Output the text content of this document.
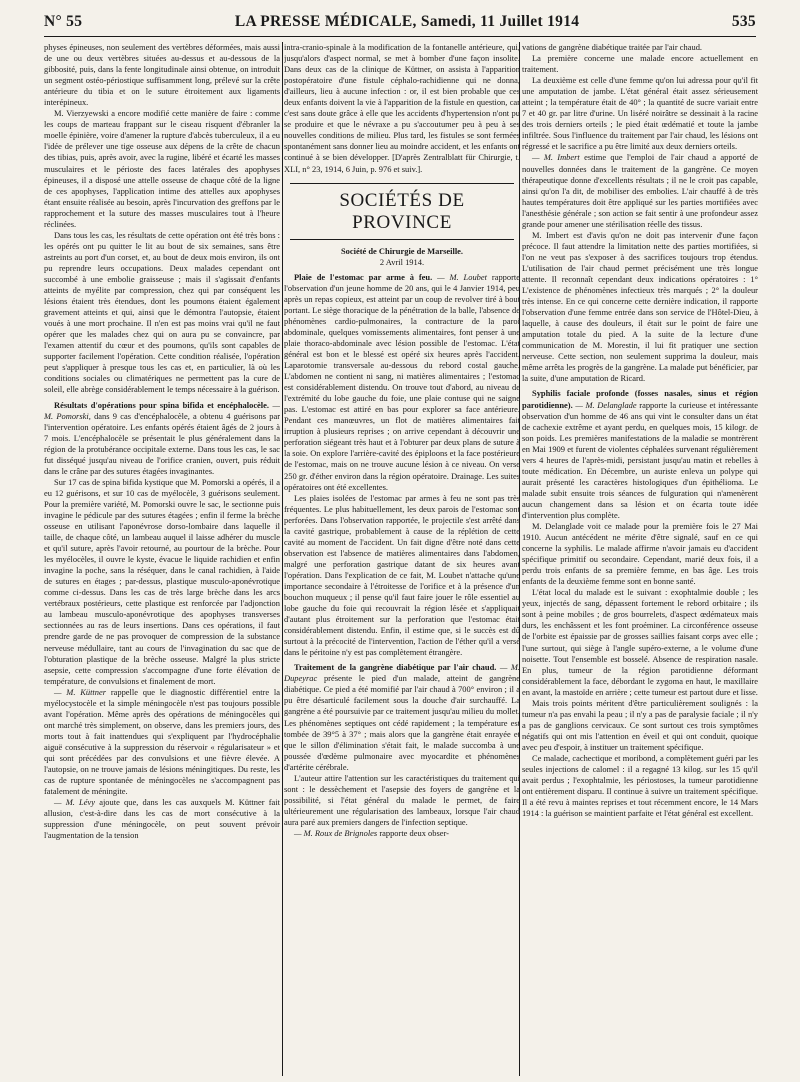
N° 55	LA PRESSE MÉDICALE, Samedi, 11 Juillet 1914	535

physes épineuses, non seulement des vertèbres déformées, mais aussi de une ou deux vertèbres situées au-dessus et au-dessous de la gibbosité, puis, dans la fente longitudinale ainsi obtenue, on introduit un segment ostéo-périostique suffisamment long, prélevé sur la crête antérieure du tibia et on le suture étroitement aux ligaments interépineux.

M. Vierzyewski a encore modifié cette manière de faire : comme les coups de marteau frappant sur le ciseau risquent d'ébranler la moelle épinière, voire d'amener la rupture d'abcès tuberculeux, il a eu l'idée de prélever une tige osseuse aux dépens de la crête de chacun des tibias, puis, après avoir, avec la rugine, libéré et écarté les masses musculaires et le périoste des faces latérales des apophyses épineuses, il a disposé une attelle osseuse de chaque côté de la ligne de ces apophyses, l'application intime des attelles aux apophyses étant ensuite réalisée au besoin, après l'incurvation des greffons par le rapprochement et la suture des masses musculaires tout à l'heure réclinées.

Dans tous les cas, les résultats de cette opération ont été très bons : les opérés ont pu quitter le lit au bout de six semaines, sans être astreints au port d'un corset, et, au bout de deux mois environ, ils ont pu reprendre leurs occupations. Deux malades cependant ont succombé à une embolie graisseuse ; mais il s'agissait d'enfants atteints de myélite par compression, chez qui par conséquent les lésions étaient très étendues, dont les poumons étaient également gravement atteints et qui, ainsi que le démontra l'autopsie, étaient voués à une mort prochaine. Il n'en est pas moins vrai qu'il ne faut opérer que les malades chez qui on aura pu se convaincre, par l'examen attentif du cœur et des poumons, qu'ils sont capables de supporter facilement l'opération. Cette condition réalisée, l'opération peut s'appliquer à presque tous les cas et, en particulier, là où les conditions sociales ou climatériques ne permettent pas la cure de soleil, elle abrège considérablement le temps nécessaire à la guérison.

Résultats d'opérations pour spina bifida et encéphalocèle. — M. Pomorski, dans 9 cas d'encéphalocèle, a obtenu 4 guérisons par l'intervention opératoire. Les enfants opérés étaient âgés de 2 jours à 7 mois. L'encéphalocèle se présentait le plus généralement dans la région de la protubérance occipitale externe. Dans tous les cas, le sac fut disséqué jusqu'au niveau de l'orifice cranien, ouvert, puis réduit dans le crâne par des sutures étagées invaginantes.

Sur 17 cas de spina bifida kystique que M. Pomorski a opérés, il a eu 12 guérisons, et sur 10 cas de myélocèle, 3 guérisons seulement. Pour la première variété, M. Pomorski ouvre le sac, le sectionne puis invagine le pédicule par des sutures étagées ; enfin il ferme la brèche osseuse en utilisant l'aponévrose dorso-lombaire dans laquelle il taille, de chaque côté, un lambeau auquel il laisse adhérer du muscle et qu'il suture, après l'avoir retourné, au pourtour de la brèche. Pour les myélocèles, il ouvre le kyste, évacue le liquide rachidien et enfin invagine la poche, sans la réséquer, dans le canal rachidien, à l'aide de sutures en étages ; par-dessus, plastique musculo-aponévrotique comme ci-dessus. Dans les cas de très large brèche dans les arcs vertébraux postérieurs, cette plastique est renforcée par l'adjonction au lambeau musculo-aponévrotique des apophyses transverses sectionnées au ras de leurs insertions. Dans ces opérations, il faut prendre garde de ne pas provoquer de compression de la substance nerveuse médullaire, tant au cours de l'invagination du sac que de l'obturation plastique de la brèche osseuse. Malgré la plus stricte asepsie, cette compression s'accompagne d'une forte élévation de température, de convulsions et finalement de mort.

— M. Küttner rappelle que le diagnostic différentiel entre la myélocystocèle et la simple méningocèle n'est pas toujours possible avant l'opération. Même après des opérations de méningocèles qui ont marché très simplement, on observe, dans les premiers jours, des morts tout à fait inattendues qui s'expliquent par l'hydrocéphalie aiguë consécutive à la suppression du réservoir « régularisateur » et qui sont précédées par des convulsions et une fièvre élevée. A l'autopsie, on ne trouve jamais de lésions méningitiques. Du reste, les cas de rupture spontanée de méningocèles ne s'accompagnent pas fatalement de méningite.

— M. Lévy ajoute que, dans les cas auxquels M. Küttner fait allusion, c'est-à-dire dans les cas de mort consécutive à la suppression d'une méningocèle, on peut souvent prévoir l'augmentation de la tension

intra-cranio-spinale à la modification de la fontanelle antérieure, qui, jusqu'alors d'aspect normal, se met à bomber d'une façon insolite. Dans deux cas de la clinique de Küttner, on assista à l'apparition postopératoire d'une fistule céphalo-rachidienne qui ne donna, d'ailleurs, lieu à aucune infection : or, il est bien probable que ces deux enfants doivent la vie à l'apparition de la fistule en question, car c'est sans doute grâce à elle que les accidents d'hypertension n'ont pu se produire et que le névraxe a pu s'accoutumer peu à peu à ses nouvelles conditions de milieu. Plus tard, les fistules se sont fermées spontanément sans donner lieu au moindre accident, et les enfants ont continué à se bien développer. [D'après Zentralblatt für Chirurgie, t. XLI, n° 23, 1914, 6 Juin, p. 976 et suiv.].

SOCIÉTÉS DE PROVINCE

Société de Chirurgie de Marseille.

2 Avril 1914.

Plaie de l'estomac par arme à feu. — M. Loubet rapporte l'observation d'un jeune homme de 20 ans, qui le 4 Janvier 1914, peu après un repas copieux, est atteint par un coup de revolver tiré à bout portant. Le siège thoracique de la pénétration de la balle, l'absence de phénomènes cardio-pulmonaires, la contracture de la paroi abdominale, quelques vomissements alimentaires, font penser à une plaie thoraco-abdominale avec lésion possible de l'estomac. L'état général est bon et le blessé est opéré six heures après l'accident. Laparotomie transversale au-dessous du rebord costal gauche. L'abdomen ne contient ni sang, ni matières alimentaires ; l'estomac est considérablement distendu. On trouve tout d'abord, au niveau de l'extrémité du lobe gauche du foie, une plaie contuse qui ne saigne pas. L'estomac est attiré en bas pour explorer sa face antérieure. Pendant ces manœuvres, un flot de matières alimentaires fait irruption à plusieurs reprises ; on arrive cependant à découvrir une perforation siégeant très haut et à l'obturer par deux plans de suture à la soie. On explore l'arrière-cavité des épiploons et la face postérieure de l'estomac, mais on ne trouve aucune lésion à ce niveau. On verse 250 gr. d'éther environ dans la région opératoire. Drainage. Les suites opératoires ont été excellentes.

Les plaies isolées de l'estomac par armes à feu ne sont pas très fréquentes. Le plus habituellement, les deux parois de l'estomac sont perforées. Dans l'observation rapportée, le projectile s'est arrêté dans la cavité gastrique, probablement à cause de la réplétion de cette cavité au moment de l'accident. Un fait digne d'être noté dans cette observation est l'absence de matières alimentaires dans l'abdomen, malgré une perforation gastrique datant de six heures avant l'opération. Dans l'explication de ce fait, M. Loubet n'attache qu'une importance secondaire à l'étroitesse de l'orifice et à la présence d'un bouchon muqueux ; il pense qu'il faut faire jouer le rôle essentiel au lobe gauche du foie qui recouvrait la région lésée et s'appliquait d'autant plus étroitement sur la perforation que l'estomac était considérablement distendu. Enfin, il estime que, si le succès est dû surtout à la précocité de l'intervention, l'action de l'éther qu'il a versé dans le péritoine n'y est pas complètement étrangère.

Traitement de la gangrène diabétique par l'air chaud. — M. Dupeyrac présente le pied d'un malade, atteint de gangrène diabétique. Ce pied a été momifié par l'air chaud à 700° environ ; il a pu être désarticulé facilement sous la douche d'air surchauffé. La gangrène a été poursuivie par ce traitement jusqu'au milieu du mollet. Les phénomènes septiques ont cédé rapidement ; la température est tombée de 39°5 à 37° ; mais alors que la gangrène était enrayée et que le sillon d'élimination s'était fait, le malade succomba à une poussée d'œdème pulmonaire avec myocardite et phénomènes d'artérite cérébrale.

L'auteur attire l'attention sur les caractéristiques du traitement qui sont : le dessèchement et l'asepsie des foyers de gangrène et la possibilité, si l'état général du malade le permet, de faire ultérieurement une régularisation des lambeaux, lorsque l'air chaud aura paré aux premiers dangers de l'infection septique.

— M. Roux de Brignoles rapporte deux obser-

vations de gangrène diabétique traitée par l'air chaud.

La première concerne une malade encore actuellement en traitement.

La deuxième est celle d'une femme qu'on lui adressa pour qu'il fit une amputation de jambe. L'état général était assez sérieusement atteint ; la température était de 40° ; la quantité de sucre variait entre 7 et 40 gr. par litre d'urine. Un liséré noirâtre se dessinait à la racine des trois derniers orteils ; le pied était œdématié et toute la jambe infiltrée. Sous l'influence du traitement par l'air chaud, les lésions ont régressé et le sacrifice a pu être limité aux deux derniers orteils.

— M. Imbert estime que l'emploi de l'air chaud a apporté de nouvelles données dans le traitement de la gangrène. Ce moyen thérapeutique donne d'excellents résultats ; il ne le croit pas capable, ainsi qu'on l'a dit, de mobiliser des embolies. L'air chauffé à de très hautes températures doit être appliqué sur les parties mortifiées avec l'anesthésie générale ; son action se fait sentir à une profondeur assez grande pour amener une stérilisation réelle des tissus.

M. Imbert est d'avis qu'on ne doit pas intervenir d'une façon précoce. Il faut attendre la limitation nette des parties mortifiées, si l'on ne veut pas s'exposer à des sacrifices toujours trop étendus. L'utilisation de l'air chaud permet précisément une très longue attente. Il reconnaît cependant deux indications opératoires : 1° L'existence de phénomènes infectieux très marqués ; 2° la douleur très intense. En ce qui concerne cette dernière indication, il rapporte l'observation d'une femme entrée dans son service de l'Hôtel-Dieu, à laquelle, à cause des douleurs, il était sur le point de faire une amputation totale du pied. A la suite de la lecture d'une communication de M. Morestin, il lui fit pratiquer une section nerveuse. Cette section, non seulement supprima la douleur, mais même arrêta les progrès de la gangrène. La malade put bénéficier, par la suite, d'une amputation de Ricard.

Syphilis faciale profonde (fosses nasales, sinus et région parotidienne). — M. Delanglade rapporte la curieuse et intéressante observation d'un homme de 46 ans qui vint le consulter dans un état de cachexie extrême et ayant perdu, en quelques mois, 15 kilogr. de son poids. Les premières manifestations de la maladie se montrèrent en Mai 1909 et furent de violentes céphalées survenant régulièrement vers 4 heures de l'après-midi, persistant jusqu'au matin et rebelles à toute médication. En Décembre, un auriste enleva un polype qui aurait présenté les caractères histologiques d'un épithélioma. Le malade subit ensuite trois séances de fulguration qui n'amenèrent aucun changement dans sa lésion et on écarta toute idée d'intervention plus complète.

M. Delanglade voit ce malade pour la première fois le 27 Mai 1910. Aucun antécédent ne mérite d'être signalé, sauf en ce qui concerne la syphilis. Le malade affirme n'avoir jamais eu d'accident spécifique primitif ou secondaire. Cependant, marié deux fois, il a perdu trois enfants de sa première femme, en bas âge. Les trois enfants de la deuxième femme sont en bonne santé.

L'état local du malade est le suivant : exophtalmie double ; les yeux, injectés de sang, dépassent fortement le rebord orbitaire ; ils sont à peine mobiles ; de gros bourrelets, d'aspect œdémateux mais durs, les enchâssent et les font proéminer. La circonférence osseuse de l'orbite est épaissie par de grosses saillies faisant corps avec elle ; l'une surtout, qui siège à l'angle supéro-externe, a le volume d'une noisette. Tout l'ensemble est bosselé. Absence de respiration nasale. En plus, tumeur de la région parotidienne déformant considérablement la face, débordant le zygoma en haut, le maxillaire en avant, la mastoïde en arrière ; cette tumeur est partout dure et lisse.

Mais trois points méritent d'être particulièrement soulignés : la tumeur n'a pas envahi la peau ; il n'y a pas de paralysie faciale ; il n'y a pas de ganglions cervicaux. Ce sont surtout ces trois symptômes négatifs qui ont mis l'attention en éveil et qui ont conduit, quoique avec peu d'espoir, à instituer un traitement spécifique.

Ce malade, cachectique et moribond, a complètement guéri par les seules injections de calomel : il a regagné 13 kilog. sur les 15 qu'il avait perdus ; l'exophtalmie, les périostoses, la tumeur parotidienne ont entièrement disparu. Il continue à suivre un traitement spécifique. Il a été revu à maintes reprises et tout récemment encore, le 14 Mars 1914 : la guérison se maintient parfaite et l'état général est excellent.
